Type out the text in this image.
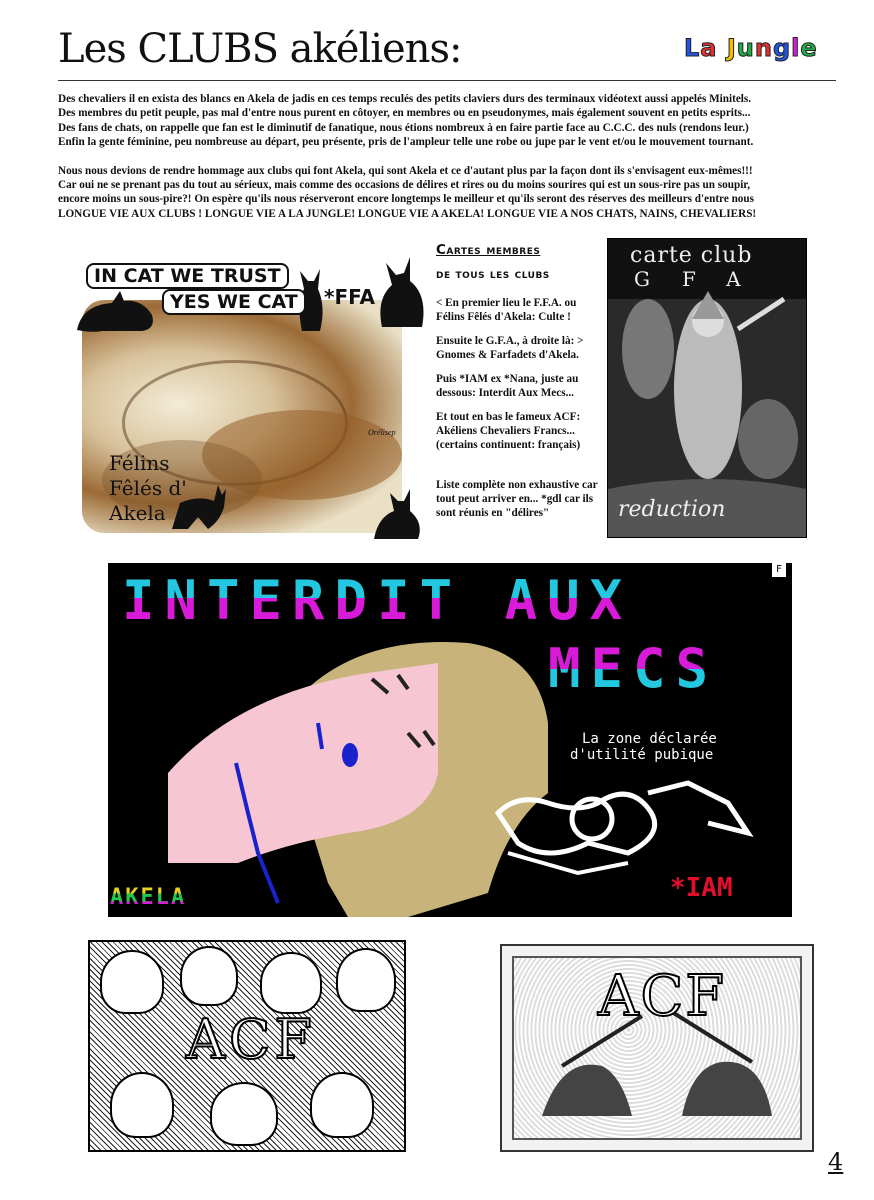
Les CLUBS akéliens:	La Jungle

Des chevaliers il en exista des blancs en Akela de jadis en ces temps reculés des petits claviers durs des terminaux vidéotext aussi appelés Minitels.
Des membres du petit peuple, pas mal d'entre nous purent en côtoyer, en membres ou en pseudonymes, mais également souvent en petits esprits...
Des fans de chats, on rappelle que fan est le diminutif de fanatique, nous étions nombreux à en faire partie face au C.C.C. des nuls (rendons leur.)
Enfin la gente féminine, peu nombreuse au départ, peu présente, pris de l'ampleur telle une robe ou jupe par le vent et/ou le mouvement tournant.

Nous nous devions de rendre hommage aux clubs qui font Akela, qui sont Akela et ce d'autant plus par la façon dont ils s'envisagent eux-mêmes!!!
Car oui ne se prenant pas du tout au sérieux, mais comme des occasions de délires et rires ou du moins sourires qui est un sous-rire pas un soupir,
encore moins un sous-pire?! On espère qu'ils nous réserveront encore longtemps le meilleur et qu'ils seront des réserves des meilleurs d'entre nous
LONGUE VIE AUX CLUBS ! LONGUE VIE A LA JUNGLE! LONGUE VIE A AKELA! LONGUE VIE A NOS CHATS, NAINS, CHEVALIERS!

IN CAT WE TRUST
YES WE CAT	*FFA
Orélisep
Félins
Fêlés d'
Akela
Cartes membres
de tous les clubs

< En premier lieu le F.F.A. ou Félins Fêlés d'Akela: Culte !

Ensuite le G.F.A., à droite là: > Gnomes & Farfadets d'Akela.

Puis *IAM ex *Nana, juste au dessous: Interdit Aux Mecs...

Et tout en bas le fameux ACF: Akéliens Chevaliers Francs... (certains continuent: français)

Liste complète non exhaustive car tout peut arriver en... *gdl car ils sont réunis en "délires"

carte club
GFA
reduction
INTERDIT AUX
MECS
La zone déclarée
d'utilité pubique
*IAM
F
AKELA
ACF
ACF
4
